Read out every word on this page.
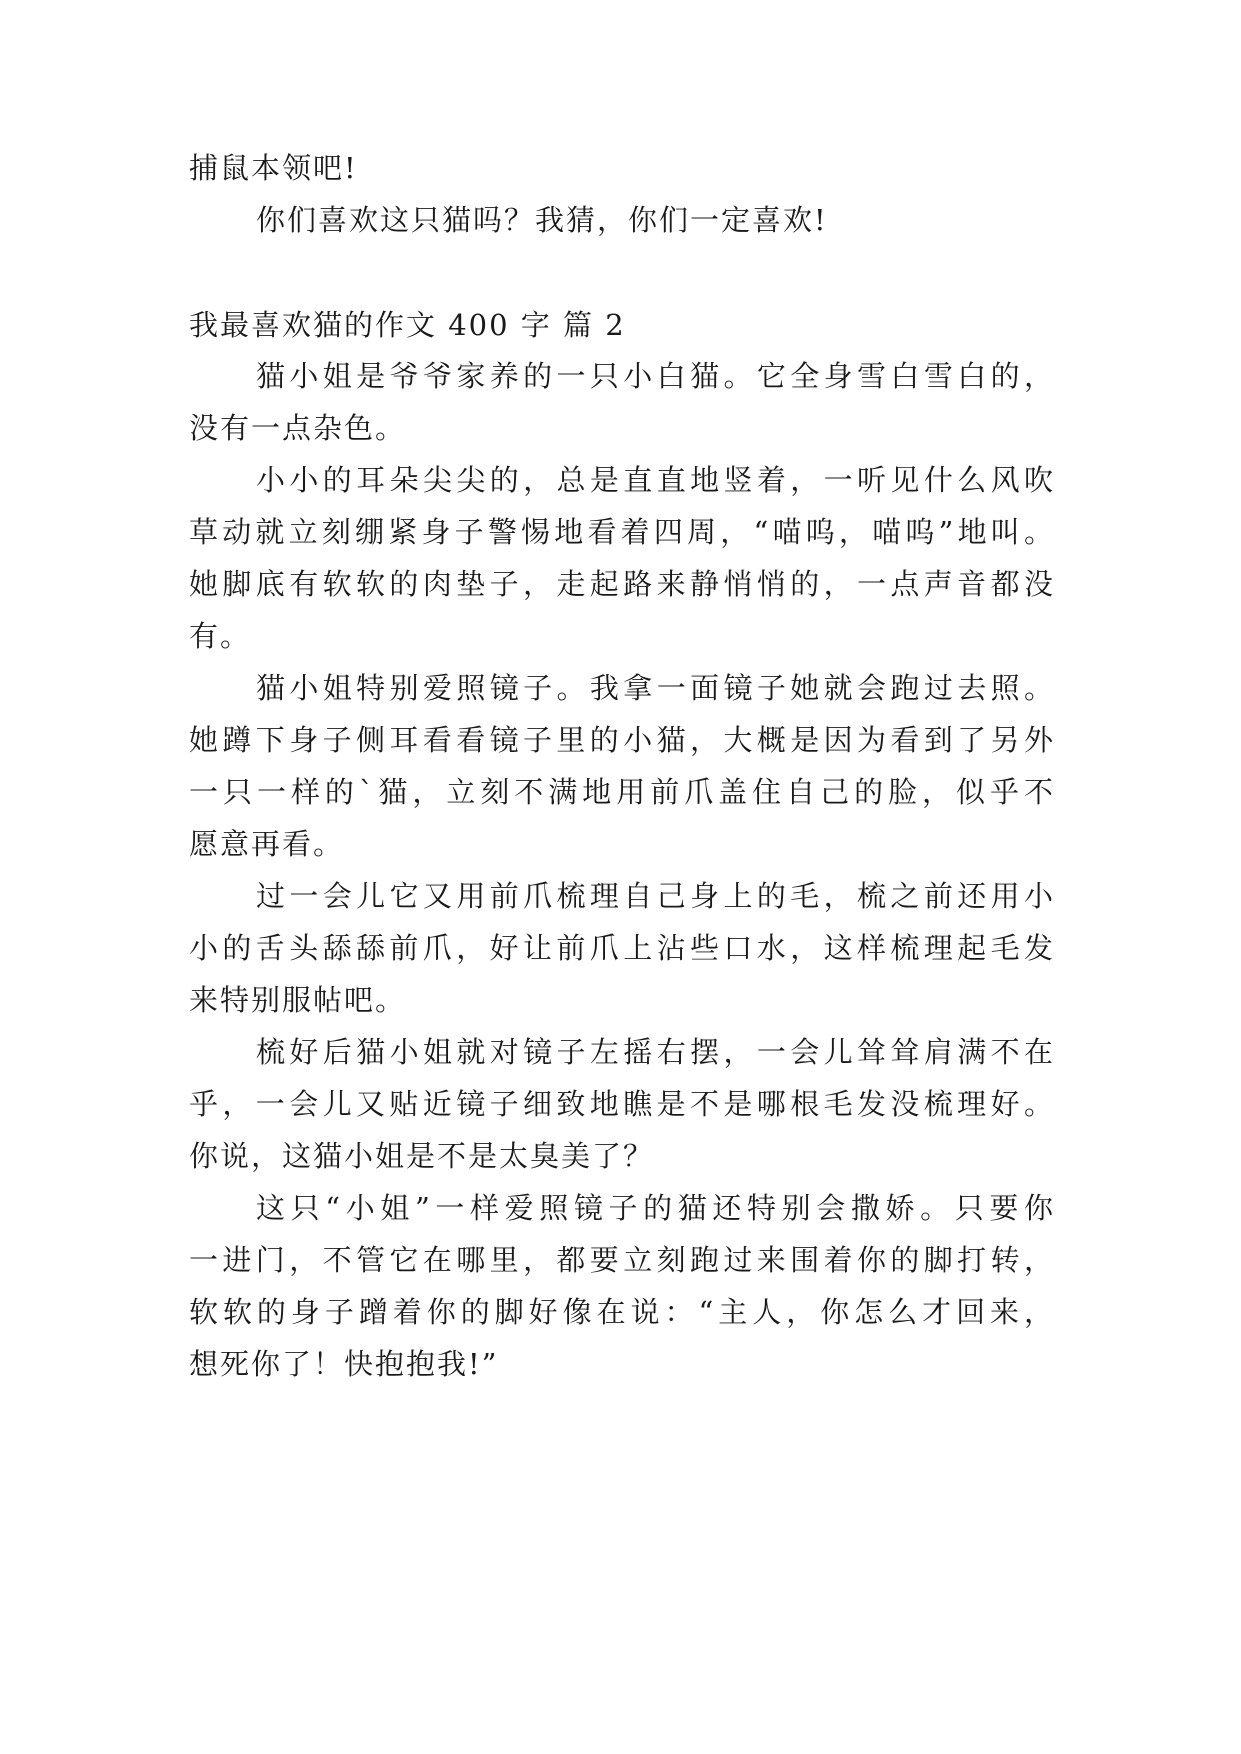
捕鼠本领吧!
你们喜欢这只猫吗？我猜，你们一定喜欢!
我最喜欢猫的作文 400 字 篇 2
猫小姐是爷爷家养的一只小白猫。它全身雪白雪白的，
没有一点杂色。
小小的耳朵尖尖的，总是直直地竖着，一听见什么风吹
草动就立刻绷紧身子警惕地看着四周，“喵呜，喵呜”地叫。
她脚底有软软的肉垫子，走起路来静悄悄的，一点声音都没
有。
猫小姐特别爱照镜子。我拿一面镜子她就会跑过去照。
她蹲下身子侧耳看看镜子里的小猫，大概是因为看到了另外
一只一样的`猫，立刻不满地用前爪盖住自己的脸，似乎不
愿意再看。
过一会儿它又用前爪梳理自己身上的毛，梳之前还用小
小的舌头舔舔前爪，好让前爪上沾些口水，这样梳理起毛发
来特别服帖吧。
梳好后猫小姐就对镜子左摇右摆，一会儿耸耸肩满不在
乎，一会儿又贴近镜子细致地瞧是不是哪根毛发没梳理好。
你说，这猫小姐是不是太臭美了？
这只“小姐”一样爱照镜子的猫还特别会撒娇。只要你
一进门，不管它在哪里，都要立刻跑过来围着你的脚打转，
软软的身子蹭着你的脚好像在说：“主人，你怎么才回来，
想死你了！快抱抱我!”
